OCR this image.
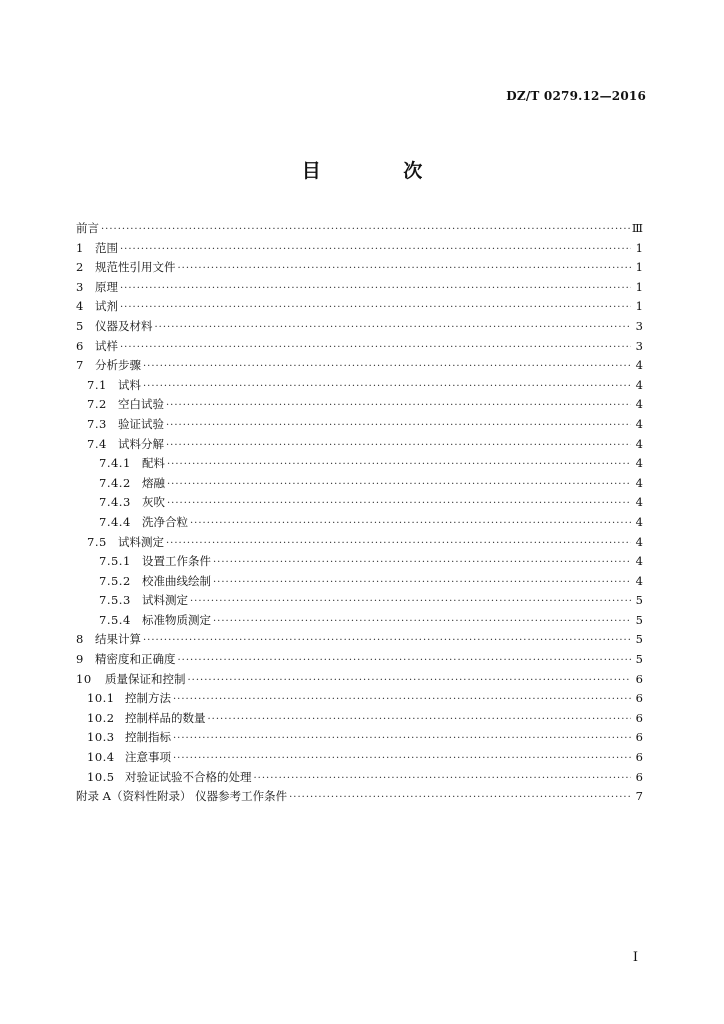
DZ/T 0279.12—2016
目 次
前言 ·····	Ⅲ
1 范围 ·····	1
2 规范性引用文件 ·····	1
3 原理 ·····	1
4 试剂 ·····	1
5 仪器及材料 ·····	3
6 试样 ·····	3
7 分析步骤 ·····	4
7.1 试料 ·····	4
7.2 空白试验 ·····	4
7.3 验证试验 ·····	4
7.4 试料分解 ·····	4
7.4.1 配料 ·····	4
7.4.2 熔融 ·····	4
7.4.3 灰吹 ·····	4
7.4.4 洗净合粒 ·····	4
7.5 试料测定 ·····	4
7.5.1 设置工作条件 ·····	4
7.5.2 校准曲线绘制 ·····	4
7.5.3 试料测定 ·····	5
7.5.4 标准物质测定 ·····	5
8 结果计算 ·····	5
9 精密度和正确度 ·····	5
10	质量保证和控制 ·····	6
10.1 控制方法 ·····	6
10.2 控制样品的数量 ·····	6
10.3 控制指标 ·····	6
10.4 注意事项 ·····	6
10.5 对验证试验不合格的处理 ·····	6
附录 A（资料性附录） 仪器参考工作条件 ·····	7
I
